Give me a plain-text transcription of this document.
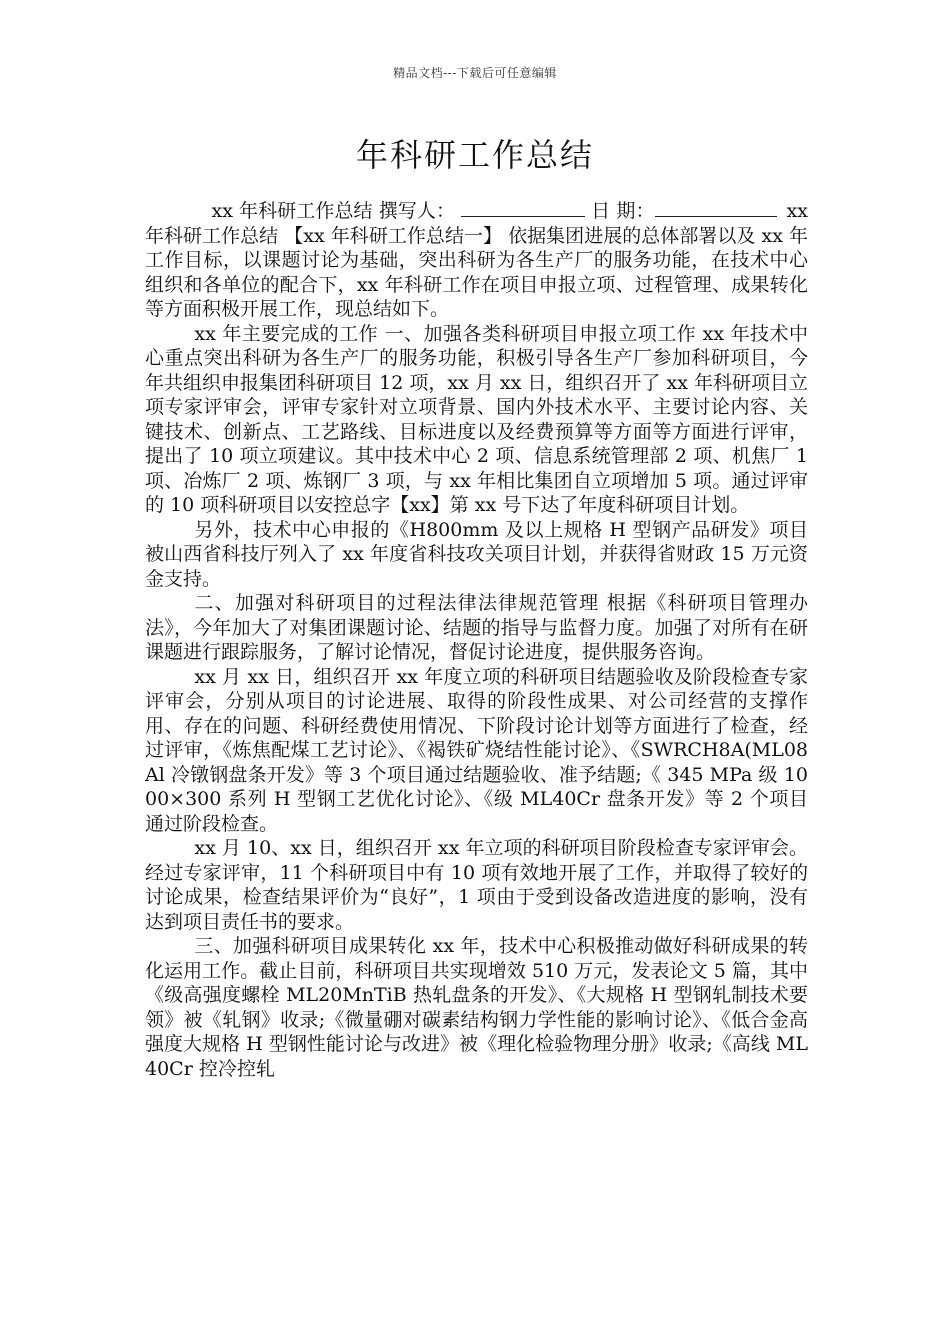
精品文档---下载后可任意编辑
年科研工作总结

xx 年科研工作总结 撰写人：	日 期：	xx 年科研工作总结 【xx 年科研工作总结一】 依据集团进展的总体部署以及 xx 年工作目标，以课题讨论为基础，突出科研为各生产厂的服务功能，在技术中心组织和各单位的配合下，xx 年科研工作在项目申报立项、过程管理、成果转化等方面积极开展工作，现总结如下。

xx 年主要完成的工作 一、加强各类科研项目申报立项工作 xx 年技术中心重点突出科研为各生产厂的服务功能，积极引导各生产厂参加科研项目，今年共组织申报集团科研项目 12 项，xx 月 xx 日，组织召开了 xx 年科研项目立项专家评审会，评审专家针对立项背景、国内外技术水平、主要讨论内容、关键技术、创新点、工艺路线、目标进度以及经费预算等方面等方面进行评审，提出了 10 项立项建议。其中技术中心 2 项、信息系统管理部 2 项、机焦厂 1 项、冶炼厂 2 项、炼钢厂 3 项，与 xx 年相比集团自立项增加 5 项。通过评审的 10 项科研项目以安控总字【xx】第 xx 号下达了年度科研项目计划。

另外，技术中心申报的《H800mm 及以上规格 H 型钢产品研发》项目被山西省科技厅列入了 xx 年度省科技攻关项目计划，并获得省财政 15 万元资金支持。

二、加强对科研项目的过程法律法律规范管理 根据《科研项目管理办法》，今年加大了对集团课题讨论、结题的指导与监督力度。加强了对所有在研课题进行跟踪服务，了解讨论情况，督促讨论进度，提供服务咨询。

xx 月 xx 日，组织召开 xx 年度立项的科研项目结题验收及阶段检查专家评审会，分别从项目的讨论进展、取得的阶段性成果、对公司经营的支撑作用、存在的问题、科研经费使用情况、下阶段讨论计划等方面进行了检查，经过评审，《炼焦配煤工艺讨论》、《褐铁矿烧结性能讨论》、《SWRCH8A(ML08Al 冷镦钢盘条开发》等 3 个项目通过结题验收、准予结题;《 345 MPa 级 1000×300 系列 H 型钢工艺优化讨论》、《级 ML40Cr 盘条开发》等 2 个项目通过阶段检查。

xx 月 10、xx 日，组织召开 xx 年立项的科研项目阶段检查专家评审会。经过专家评审，11 个科研项目中有 10 项有效地开展了工作，并取得了较好的讨论成果，检查结果评价为“良好”，1 项由于受到设备改造进度的影响，没有达到项目责任书的要求。

三、加强科研项目成果转化 xx 年，技术中心积极推动做好科研成果的转化运用工作。截止目前，科研项目共实现增效 510 万元，发表论文 5 篇，其中《级高强度螺栓 ML20MnTiB 热轧盘条的开发》、《大规格 H 型钢轧制技术要领》被《轧钢》收录;《微量硼对碳素结构钢力学性能的影响讨论》、《低合金高强度大规格 H 型钢性能讨论与改进》被《理化检验物理分册》收录;《高线 ML40Cr 控冷控轧
